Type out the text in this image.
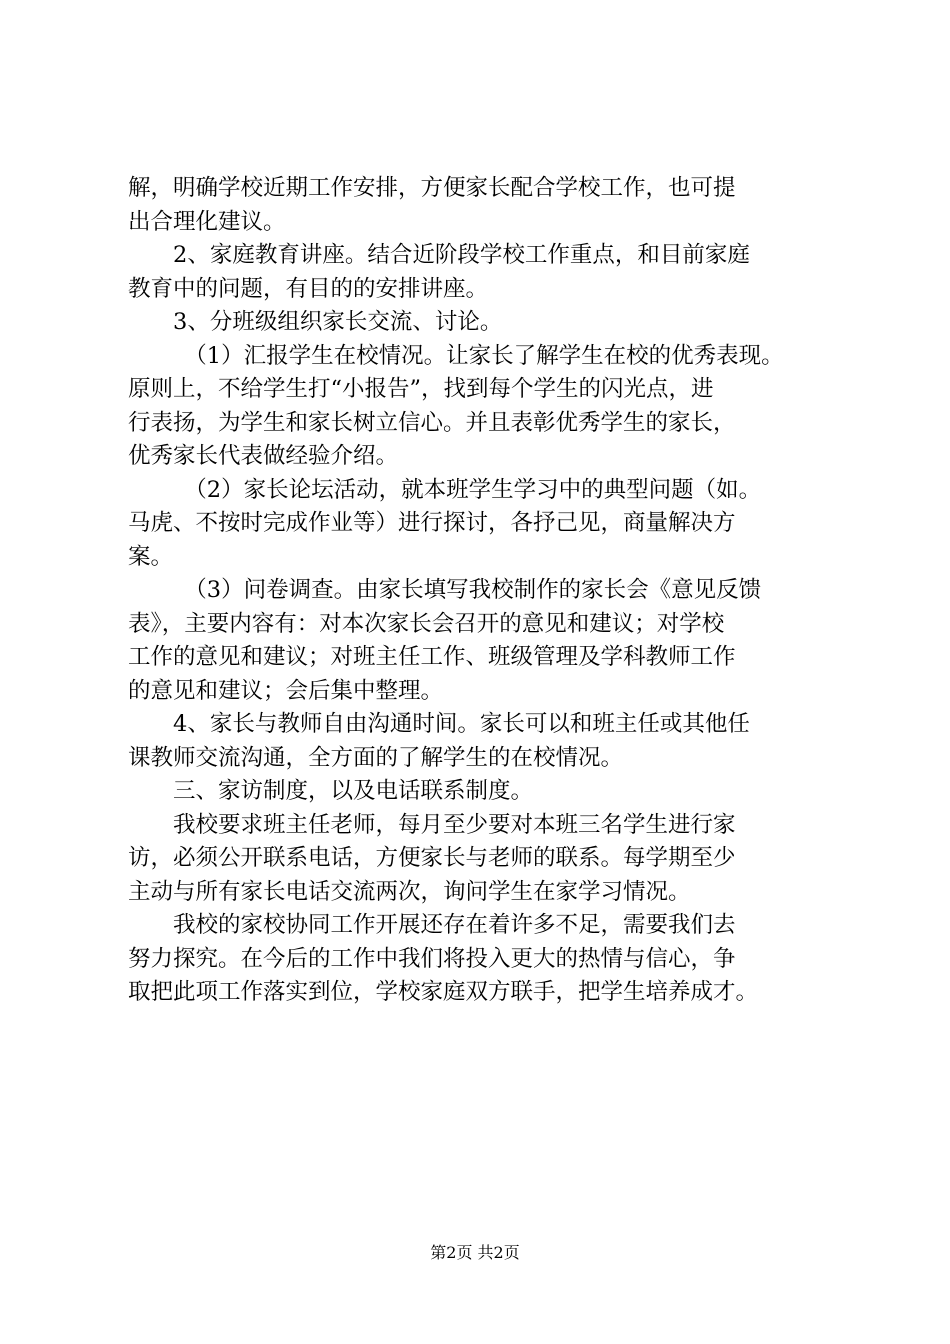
解，明确学校近期工作安排，方便家长配合学校工作，也可提
出合理化建议。
2、家庭教育讲座。结合近阶段学校工作重点，和目前家庭
教育中的问题，有目的的安排讲座。
3、分班级组织家长交流、讨论。
（1）汇报学生在校情况。让家长了解学生在校的优秀表现。
原则上，不给学生打“小报告”，找到每个学生的闪光点，进
行表扬，为学生和家长树立信心。并且表彰优秀学生的家长，
优秀家长代表做经验介绍。
（2）家长论坛活动，就本班学生学习中的典型问题（如。
马虎、不按时完成作业等）进行探讨，各抒己见，商量解决方
案。
（3）问卷调查。由家长填写我校制作的家长会《意见反馈
表》，主要内容有：对本次家长会召开的意见和建议；对学校
工作的意见和建议；对班主任工作、班级管理及学科教师工作
的意见和建议；会后集中整理。
4、家长与教师自由沟通时间。家长可以和班主任或其他任
课教师交流沟通，全方面的了解学生的在校情况。
三、家访制度，以及电话联系制度。
我校要求班主任老师，每月至少要对本班三名学生进行家
访，必须公开联系电话，方便家长与老师的联系。每学期至少
主动与所有家长电话交流两次，询问学生在家学习情况。
我校的家校协同工作开展还存在着许多不足，需要我们去
努力探究。在今后的工作中我们将投入更大的热情与信心，争
取把此项工作落实到位，学校家庭双方联手，把学生培养成才。
第2页 共2页
